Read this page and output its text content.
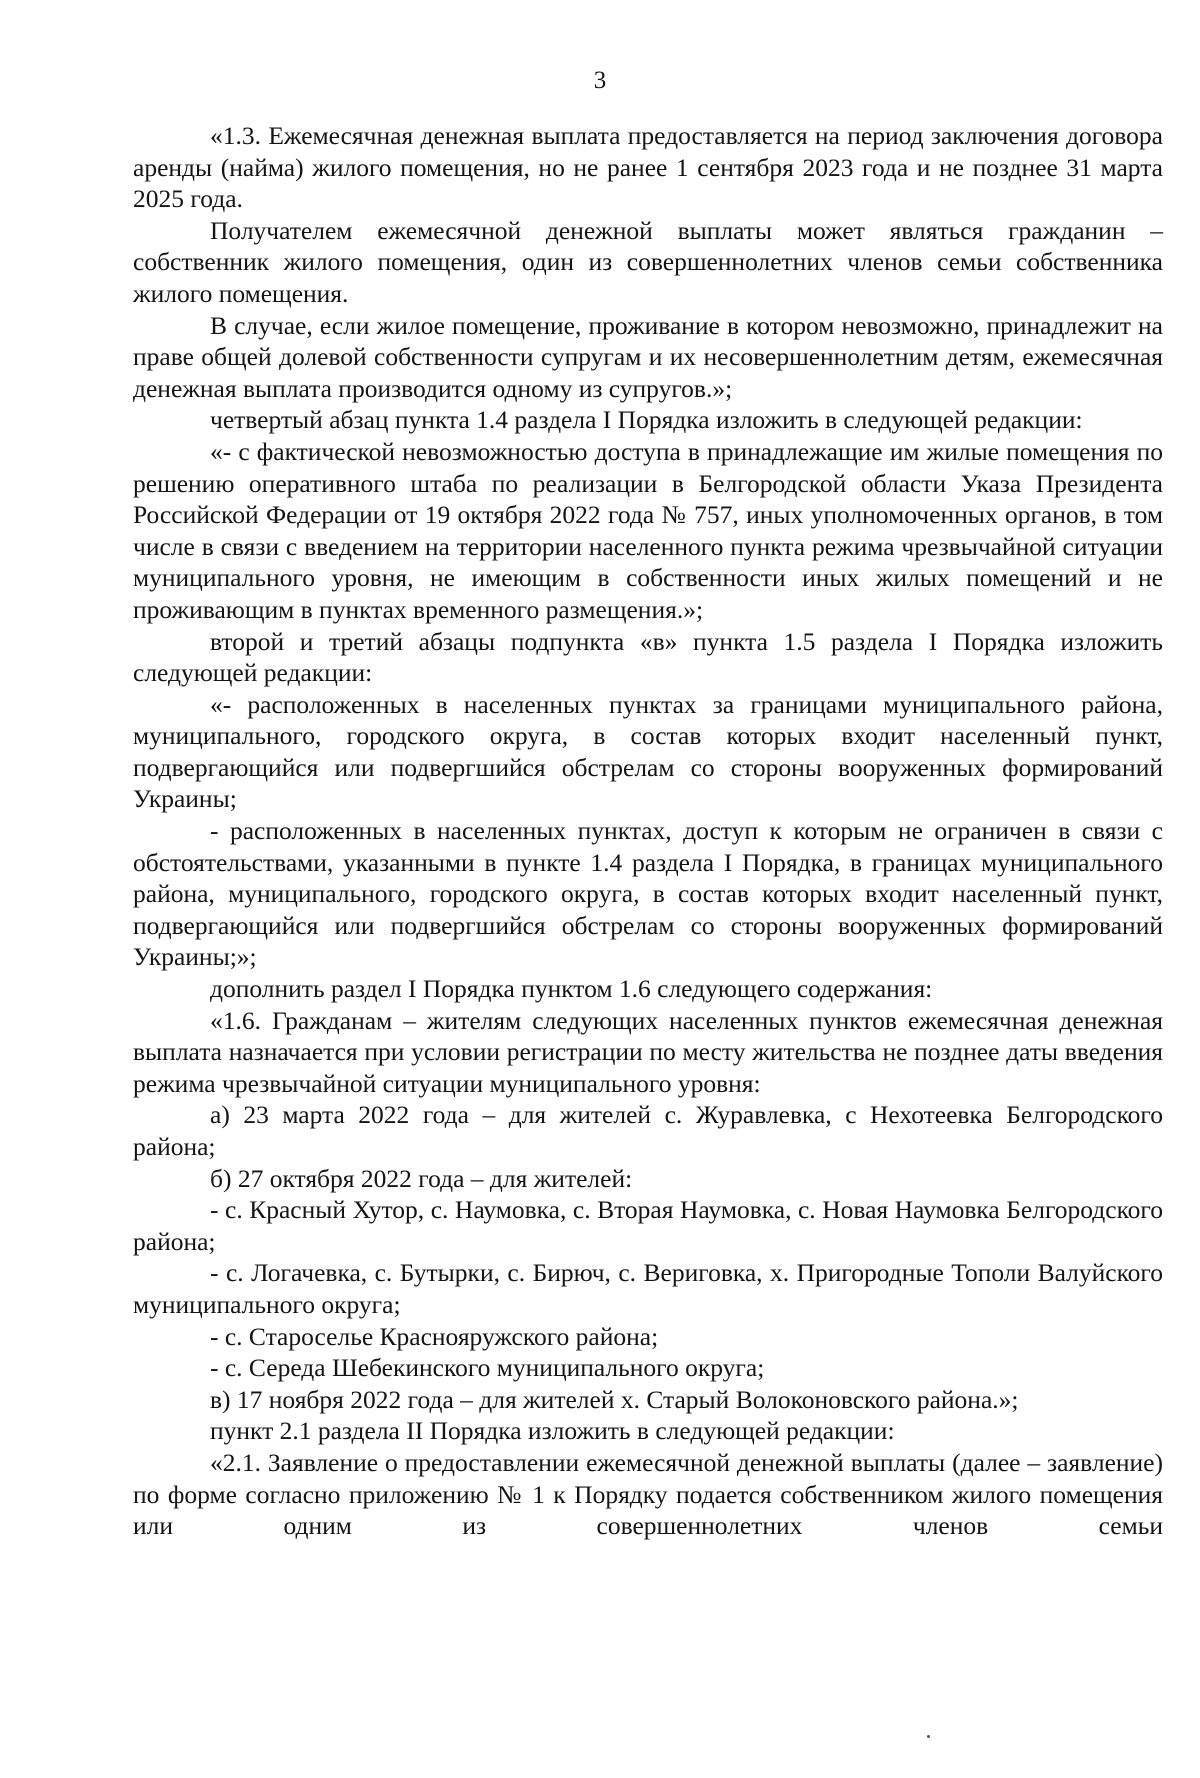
3

«1.3. Ежемесячная денежная выплата предоставляется на период заключения договора аренды (найма) жилого помещения, но не ранее 1 сентября 2023 года и не позднее 31 марта 2025 года.

Получателем ежемесячной денежной выплаты может являться гражданин – собственник жилого помещения, один из совершеннолетних членов семьи собственника жилого помещения.

В случае, если жилое помещение, проживание в котором невозможно, принадлежит на праве общей долевой собственности супругам и их несовершеннолетним детям, ежемесячная денежная выплата производится одному из супругов.»;

четвертый абзац пункта 1.4 раздела I Порядка изложить в следующей редакции:

«- с фактической невозможностью доступа в принадлежащие им жилые помещения по решению оперативного штаба по реализации в Белгородской области Указа Президента Российской Федерации от 19 октября 2022 года № 757, иных уполномоченных органов, в том числе в связи с введением на территории населенного пункта режима чрезвычайной ситуации муниципального уровня, не имеющим в собственности иных жилых помещений и не проживающим в пунктах временного размещения.»;

второй и третий абзацы подпункта «в» пункта 1.5 раздела I Порядка изложить следующей редакции:

«- расположенных в населенных пунктах за границами муниципального района, муниципального, городского округа, в состав которых входит населенный пункт, подвергающийся или подвергшийся обстрелам со стороны вооруженных формирований Украины;

- расположенных в населенных пунктах, доступ к которым не ограничен в связи с обстоятельствами, указанными в пункте 1.4 раздела I Порядка, в границах муниципального района, муниципального, городского округа, в состав которых входит населенный пункт, подвергающийся или подвергшийся обстрелам со стороны вооруженных формирований Украины;»;

дополнить раздел I Порядка пунктом 1.6 следующего содержания:

«1.6. Гражданам – жителям следующих населенных пунктов ежемесячная денежная выплата назначается при условии регистрации по месту жительства не позднее даты введения режима чрезвычайной ситуации муниципального уровня:

а) 23 марта 2022 года – для жителей с. Журавлевка, с Нехотеевка Белгородского района;

б) 27 октября 2022 года – для жителей:

- с. Красный Хутор, с. Наумовка, с. Вторая Наумовка, с. Новая Наумовка Белгородского района;

- с. Логачевка, с. Бутырки, с. Бирюч, с. Вериговка, х. Пригородные Тополи Валуйского муниципального округа;

- с. Староселье Краснояружского района;

- с. Середа Шебекинского муниципального округа;

в) 17 ноября 2022 года – для жителей х. Старый Волоконовского района.»;

пункт 2.1 раздела II Порядка изложить в следующей редакции:

«2.1. Заявление о предоставлении ежемесячной денежной выплаты (далее – заявление) по форме согласно приложению № 1 к Порядку подается собственником жилого помещения или одним из совершеннолетних членов семьи
